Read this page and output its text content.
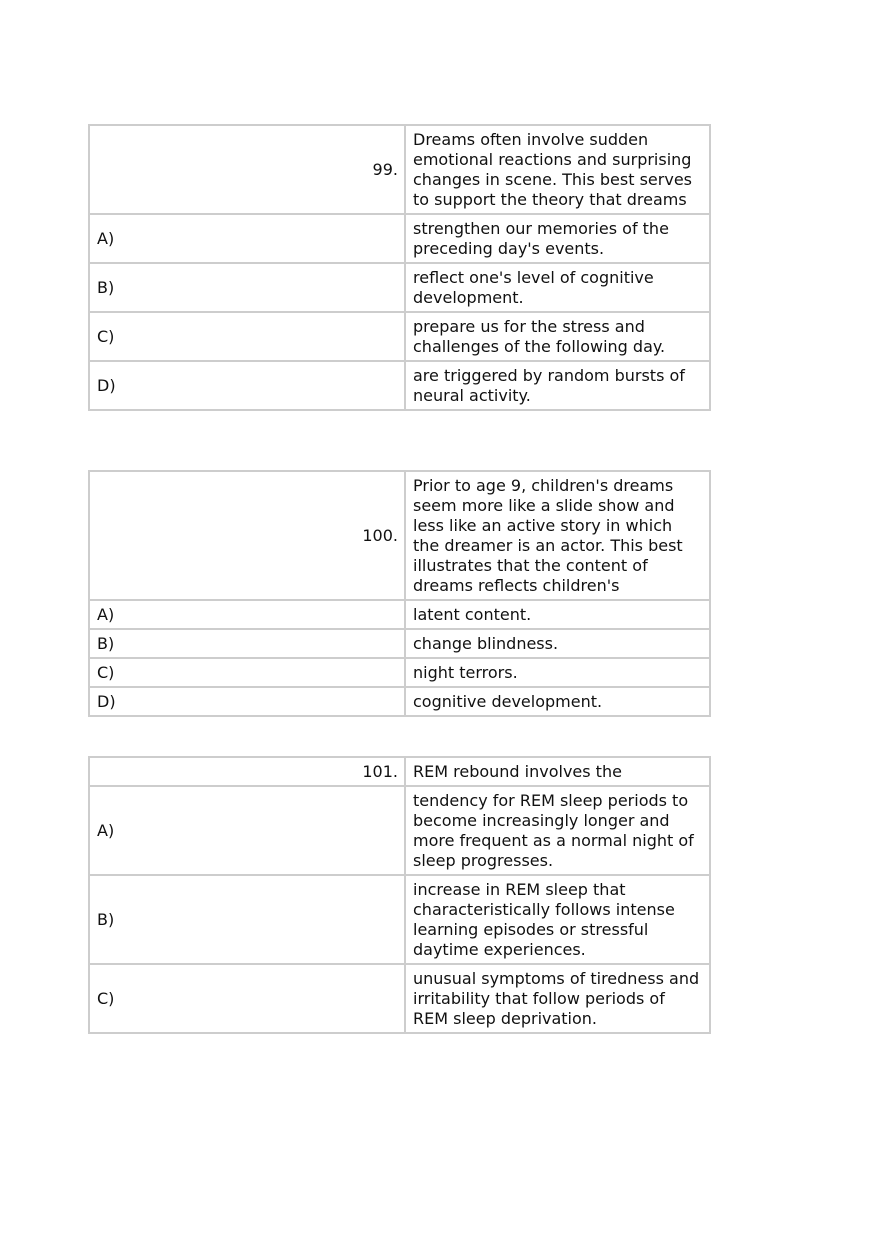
99.	Dreams often involve sudden emotional reactions and surprising changes in scene. This best serves to support the theory that dreams
A)	strengthen our memories of the preceding day's events.
B)	reflect one's level of cognitive development.
C)	prepare us for the stress and challenges of the following day.
D)	are triggered by random bursts of neural activity.
100.	Prior to age 9, children's dreams seem more like a slide show and less like an active story in which the dreamer is an actor. This best illustrates that the content of dreams reflects children's
A)	latent content.
B)	change blindness.
C)	night terrors.
D)	cognitive development.
101.	REM rebound involves the
A)	tendency for REM sleep periods to become increasingly longer and more frequent as a normal night of sleep progresses.
B)	increase in REM sleep that characteristically follows intense learning episodes or stressful daytime experiences.
C)	unusual symptoms of tiredness and irritability that follow periods of REM sleep deprivation.
